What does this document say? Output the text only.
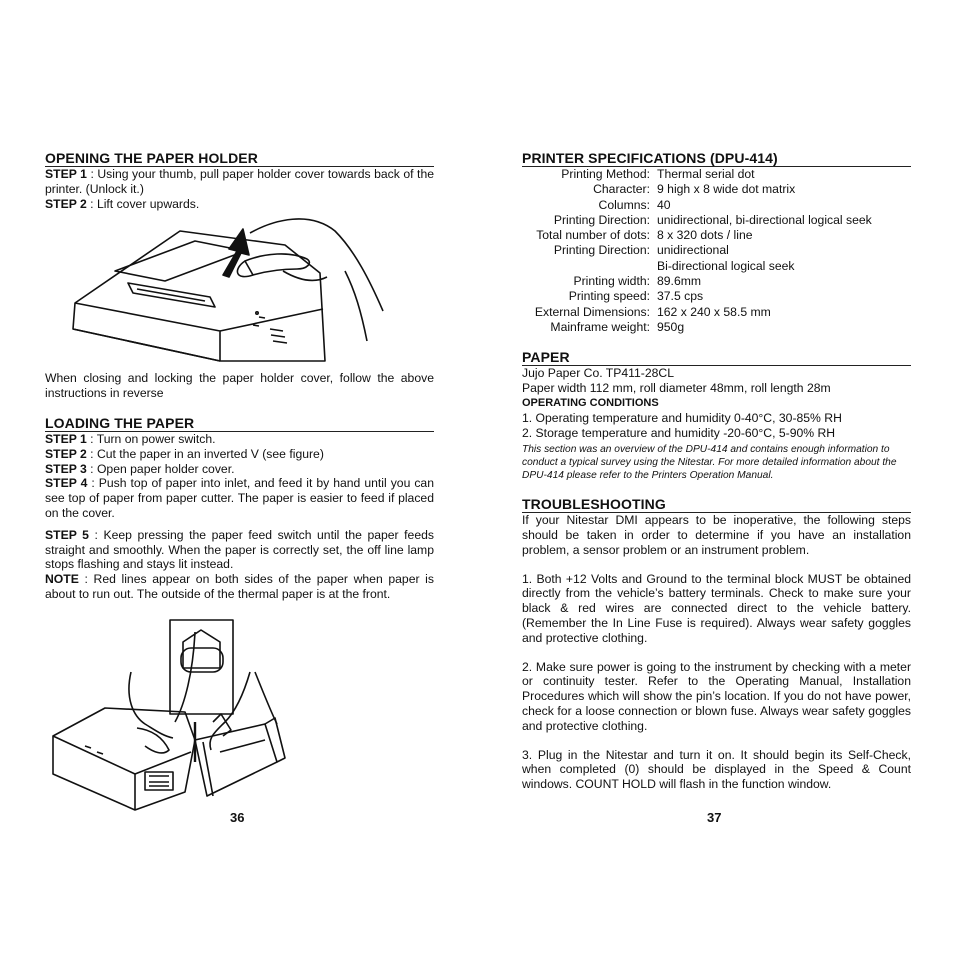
OPENING THE PAPER HOLDER

STEP 1 : Using your thumb, pull paper holder cover towards back of the printer. (Unlock it.)

STEP 2 : Lift cover upwards.

When closing and locking the paper holder cover, follow the above instructions in reverse

LOADING THE PAPER

STEP 1 : Turn on power switch.

STEP 2 : Cut the paper in an inverted V (see figure)

STEP 3 : Open paper holder cover.

STEP 4 : Push top of paper into inlet, and feed it by hand until you can see top of paper from paper cutter. The paper is easier to feed if placed on the cover.

STEP 5 : Keep pressing the paper feed switch until the paper feeds straight and smoothly. When the paper is correctly set, the off line lamp stops flashing and stays lit instead.

NOTE : Red lines appear on both sides of the paper when paper is about to run out. The outside of the thermal paper is at the front.

36
PRINTER SPECIFICATIONS (DPU-414)
Printing Method: Thermal serial dot
Character: 9 high x 8 wide dot matrix
Columns: 40
Printing Direction: unidirectional, bi-directional logical seek
Total number of dots: 8 x 320 dots / line
Printing Direction: unidirectional
Bi-directional logical seek
Printing width: 89.6mm
Printing speed: 37.5 cps
External Dimensions: 162 x 240 x 58.5 mm
Mainframe weight: 950g
PAPER

Jujo Paper Co. TP411-28CL

Paper width 112 mm, roll diameter 48mm, roll length 28m

OPERATING CONDITIONS

1. Operating temperature and humidity 0-40°C, 30-85% RH

2. Storage temperature and humidity -20-60°C, 5-90% RH

This section was an overview of the DPU-414 and contains enough information to conduct a typical survey using the Nitestar. For more detailed information about the DPU-414 please refer to the Printers Operation Manual.

TROUBLESHOOTING

If your Nitestar DMI appears to be inoperative, the following steps should be taken in order to determine if you have an installation problem, a sensor problem or an instrument problem.

1. Both +12 Volts and Ground to the terminal block MUST be obtained directly from the vehicle’s battery terminals. Check to make sure your black & red wires are connected direct to the vehicle battery. (Remember the In Line Fuse is required). Always wear safety goggles and protective clothing.

2. Make sure power is going to the instrument by checking with a meter or continuity tester. Refer to the Operating Manual, Installation Procedures which will show the pin’s location. If you do not have power, check for a loose connection or blown fuse. Always wear safety goggles and protective clothing.

3. Plug in the Nitestar and turn it on. It should begin its Self-Check, when completed (0) should be displayed in the Speed & Count windows. COUNT HOLD will flash in the function window.

37
